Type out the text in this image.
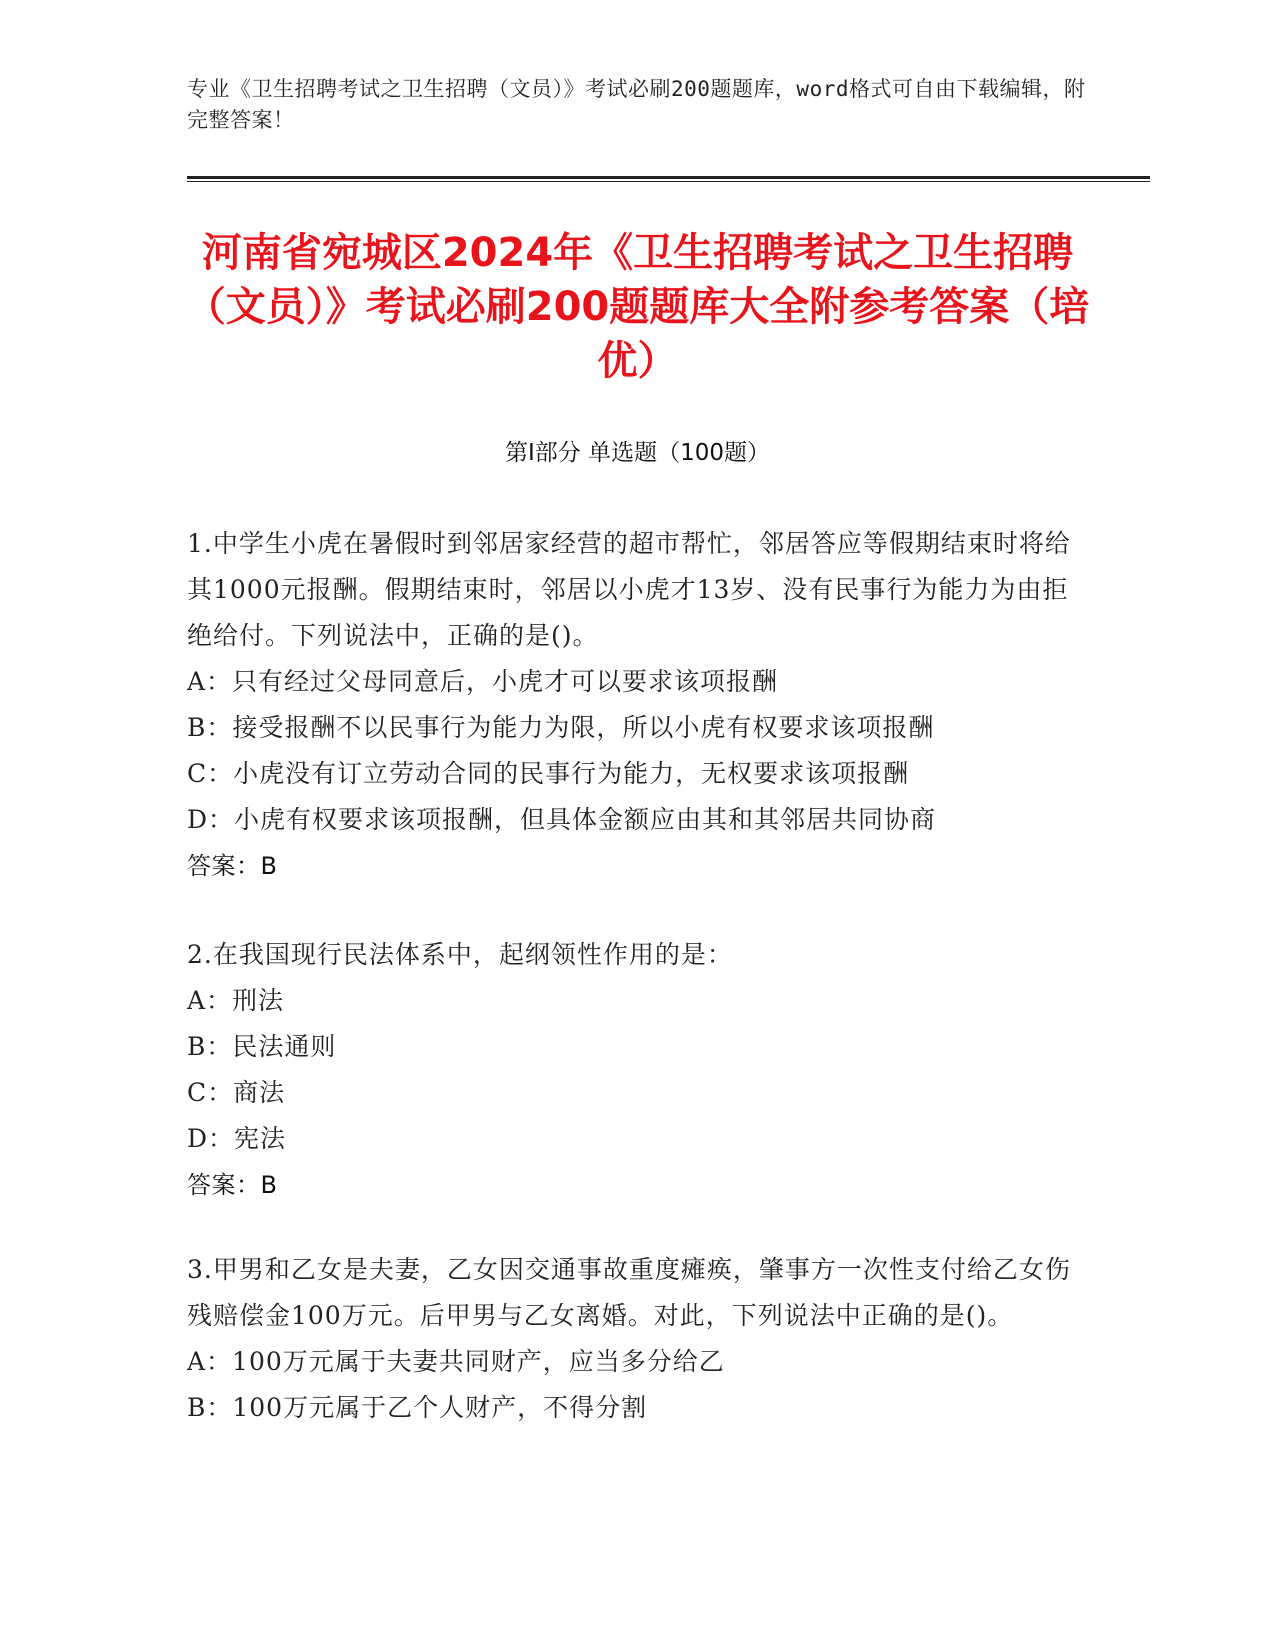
专业《卫生招聘考试之卫生招聘（文员）》考试必刷200题题库，word格式可自由下载编辑，附完整答案！
河南省宛城区2024年《卫生招聘考试之卫生招聘（文员）》考试必刷200题题库大全附参考答案（培优）
第I部分 单选题（100题）
1.中学生小虎在暑假时到邻居家经营的超市帮忙，邻居答应等假期结束时将给其1000元报酬。假期结束时，邻居以小虎才13岁、没有民事行为能力为由拒绝给付。下列说法中，正确的是()。
A：只有经过父母同意后，小虎才可以要求该项报酬
B：接受报酬不以民事行为能力为限，所以小虎有权要求该项报酬
C：小虎没有订立劳动合同的民事行为能力，无权要求该项报酬
D：小虎有权要求该项报酬，但具体金额应由其和其邻居共同协商
答案：B
2.在我国现行民法体系中，起纲领性作用的是：
A：刑法
B：民法通则
C：商法
D：宪法
答案：B
3.甲男和乙女是夫妻，乙女因交通事故重度瘫痪，肇事方一次性支付给乙女伤残赔偿金100万元。后甲男与乙女离婚。对此，下列说法中正确的是()。
A：100万元属于夫妻共同财产，应当多分给乙
B：100万元属于乙个人财产，不得分割
